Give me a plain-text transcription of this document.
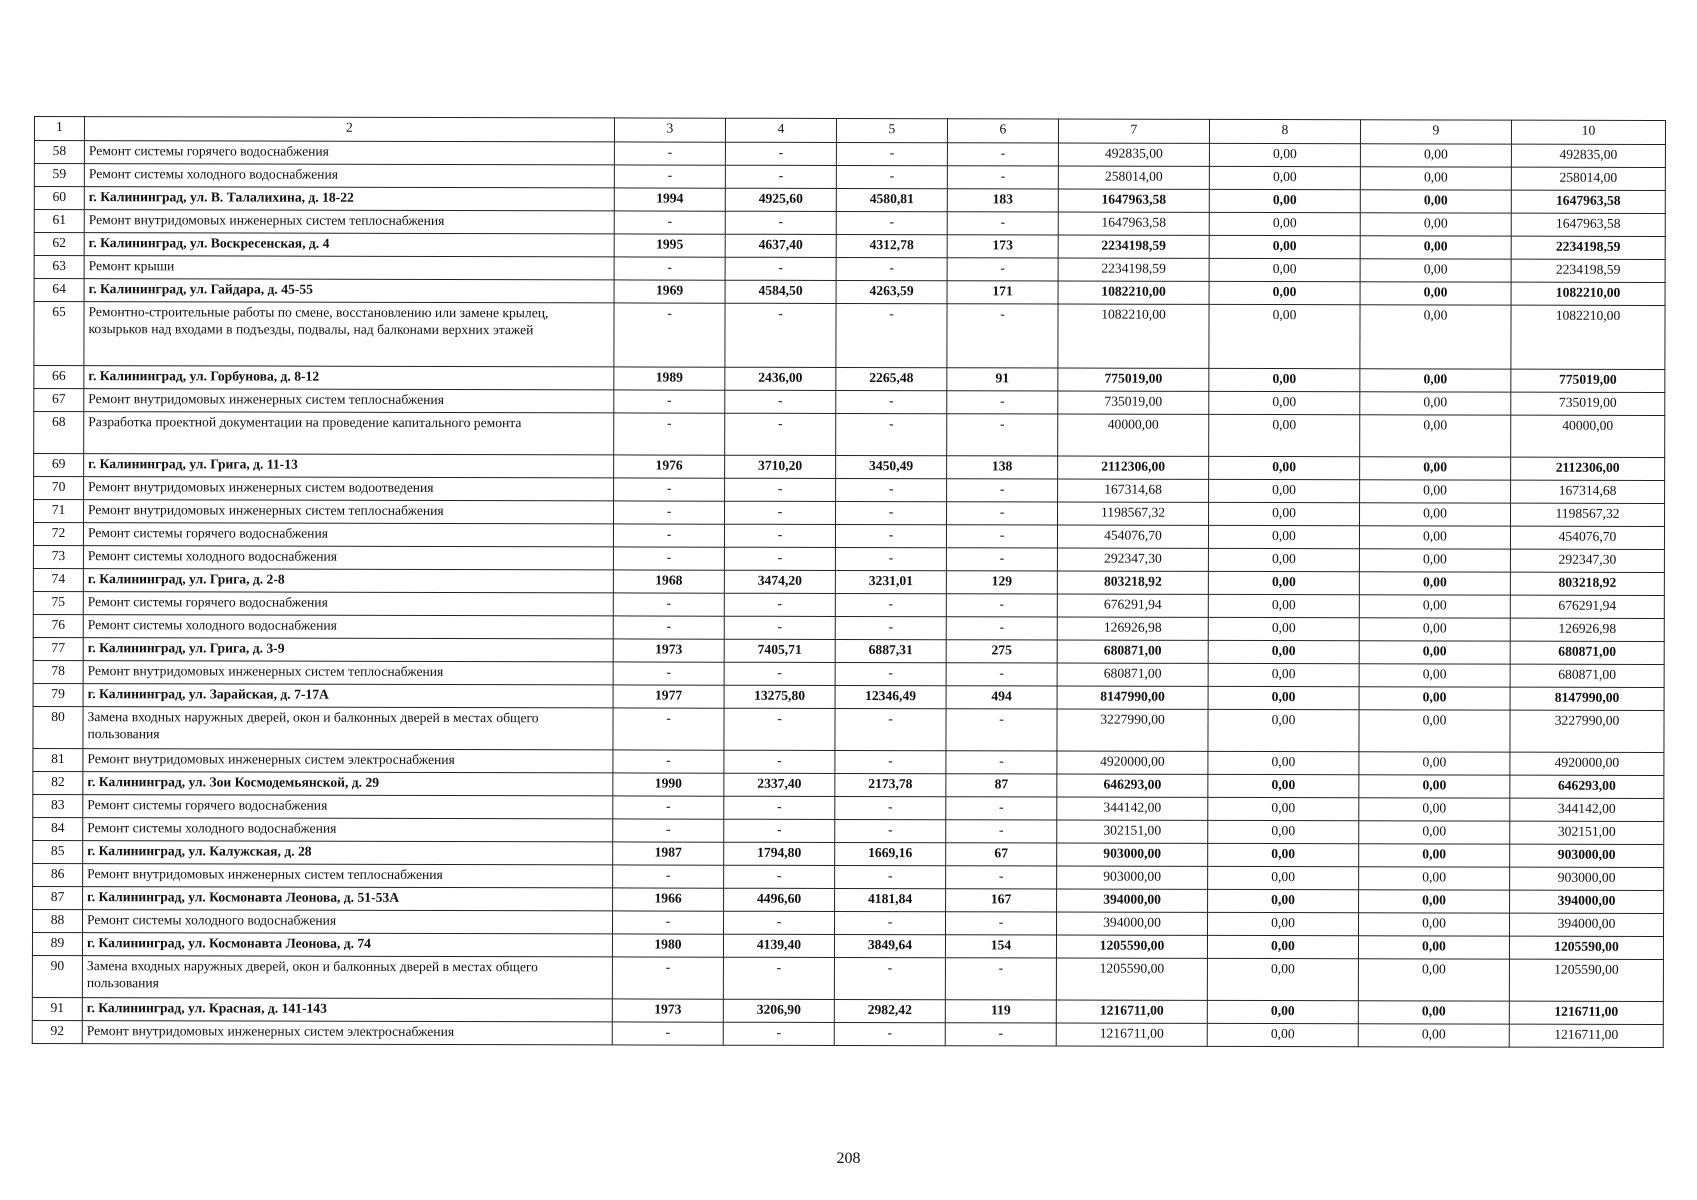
1	2	3	4	5	6	7	8	9	10
58	Ремонт системы горячего водоснабжения	-	-	-	-	492835,00	0,00	0,00	492835,00
59	Ремонт системы холодного водоснабжения	-	-	-	-	258014,00	0,00	0,00	258014,00
60	г. Калининград, ул. В. Талалихина, д. 18-22	1994	4925,60	4580,81	183	1647963,58	0,00	0,00	1647963,58
61	Ремонт внутридомовых инженерных систем теплоснабжения	-	-	-	-	1647963,58	0,00	0,00	1647963,58
62	г. Калининград, ул. Воскресенская, д. 4	1995	4637,40	4312,78	173	2234198,59	0,00	0,00	2234198,59
63	Ремонт крыши	-	-	-	-	2234198,59	0,00	0,00	2234198,59
64	г. Калининград, ул. Гайдара, д. 45-55	1969	4584,50	4263,59	171	1082210,00	0,00	0,00	1082210,00
65	Ремонтно-строительные работы по смене, восстановлению или замене крылец, козырьков над входами в подъезды, подвалы, над балконами верхних этажей	-	-	-	-	1082210,00	0,00	0,00	1082210,00
66	г. Калининград, ул. Горбунова, д. 8-12	1989	2436,00	2265,48	91	775019,00	0,00	0,00	775019,00
67	Ремонт внутридомовых инженерных систем теплоснабжения	-	-	-	-	735019,00	0,00	0,00	735019,00
68	Разработка проектной документации на проведение капитального ремонта	-	-	-	-	40000,00	0,00	0,00	40000,00
69	г. Калининград, ул. Грига, д. 11-13	1976	3710,20	3450,49	138	2112306,00	0,00	0,00	2112306,00
70	Ремонт внутридомовых инженерных систем водоотведения	-	-	-	-	167314,68	0,00	0,00	167314,68
71	Ремонт внутридомовых инженерных систем теплоснабжения	-	-	-	-	1198567,32	0,00	0,00	1198567,32
72	Ремонт системы горячего водоснабжения	-	-	-	-	454076,70	0,00	0,00	454076,70
73	Ремонт системы холодного водоснабжения	-	-	-	-	292347,30	0,00	0,00	292347,30
74	г. Калининград, ул. Грига, д. 2-8	1968	3474,20	3231,01	129	803218,92	0,00	0,00	803218,92
75	Ремонт системы горячего водоснабжения	-	-	-	-	676291,94	0,00	0,00	676291,94
76	Ремонт системы холодного водоснабжения	-	-	-	-	126926,98	0,00	0,00	126926,98
77	г. Калининград, ул. Грига, д. 3-9	1973	7405,71	6887,31	275	680871,00	0,00	0,00	680871,00
78	Ремонт внутридомовых инженерных систем теплоснабжения	-	-	-	-	680871,00	0,00	0,00	680871,00
79	г. Калининград, ул. Зарайская, д. 7-17А	1977	13275,80	12346,49	494	8147990,00	0,00	0,00	8147990,00
80	Замена входных наружных дверей, окон и балконных дверей в местах общего пользования	-	-	-	-	3227990,00	0,00	0,00	3227990,00
81	Ремонт внутридомовых инженерных систем электроснабжения	-	-	-	-	4920000,00	0,00	0,00	4920000,00
82	г. Калининград, ул. Зои Космодемьянской, д. 29	1990	2337,40	2173,78	87	646293,00	0,00	0,00	646293,00
83	Ремонт системы горячего водоснабжения	-	-	-	-	344142,00	0,00	0,00	344142,00
84	Ремонт системы холодного водоснабжения	-	-	-	-	302151,00	0,00	0,00	302151,00
85	г. Калининград, ул. Калужская, д. 28	1987	1794,80	1669,16	67	903000,00	0,00	0,00	903000,00
86	Ремонт внутридомовых инженерных систем теплоснабжения	-	-	-	-	903000,00	0,00	0,00	903000,00
87	г. Калининград, ул. Космонавта Леонова, д. 51-53А	1966	4496,60	4181,84	167	394000,00	0,00	0,00	394000,00
88	Ремонт системы холодного водоснабжения	-	-	-	-	394000,00	0,00	0,00	394000,00
89	г. Калининград, ул. Космонавта Леонова, д. 74	1980	4139,40	3849,64	154	1205590,00	0,00	0,00	1205590,00
90	Замена входных наружных дверей, окон и балконных дверей в местах общего пользования	-	-	-	-	1205590,00	0,00	0,00	1205590,00
91	г. Калининград, ул. Красная, д. 141-143	1973	3206,90	2982,42	119	1216711,00	0,00	0,00	1216711,00
92	Ремонт внутридомовых инженерных систем электроснабжения	-	-	-	-	1216711,00	0,00	0,00	1216711,00
208
